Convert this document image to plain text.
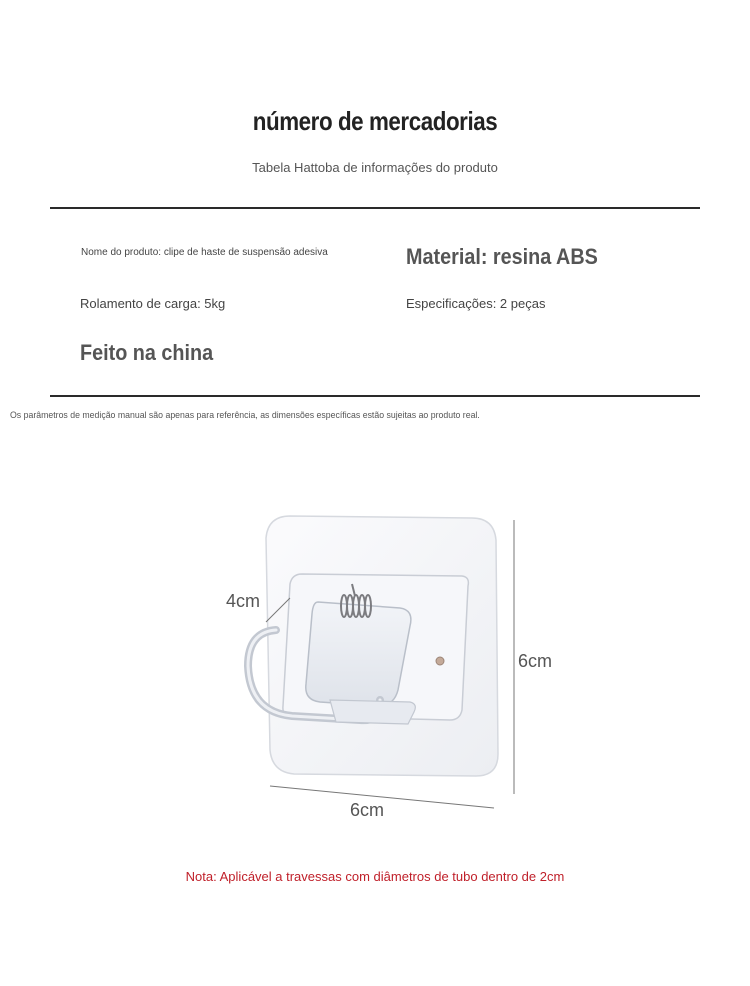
número de mercadorias
Tabela Hattoba de informações do produto
Nome do produto: clipe de haste de suspensão adesiva	Material: resina ABS
Rolamento de carga: 5kg	Especificações: 2 peças
Feito na china
Os parâmetros de medição manual são apenas para referência, as dimensões específicas estão sujeitas ao produto real.
4cm
6cm
6cm
Nota: Aplicável a travessas com diâmetros de tubo dentro de 2cm
